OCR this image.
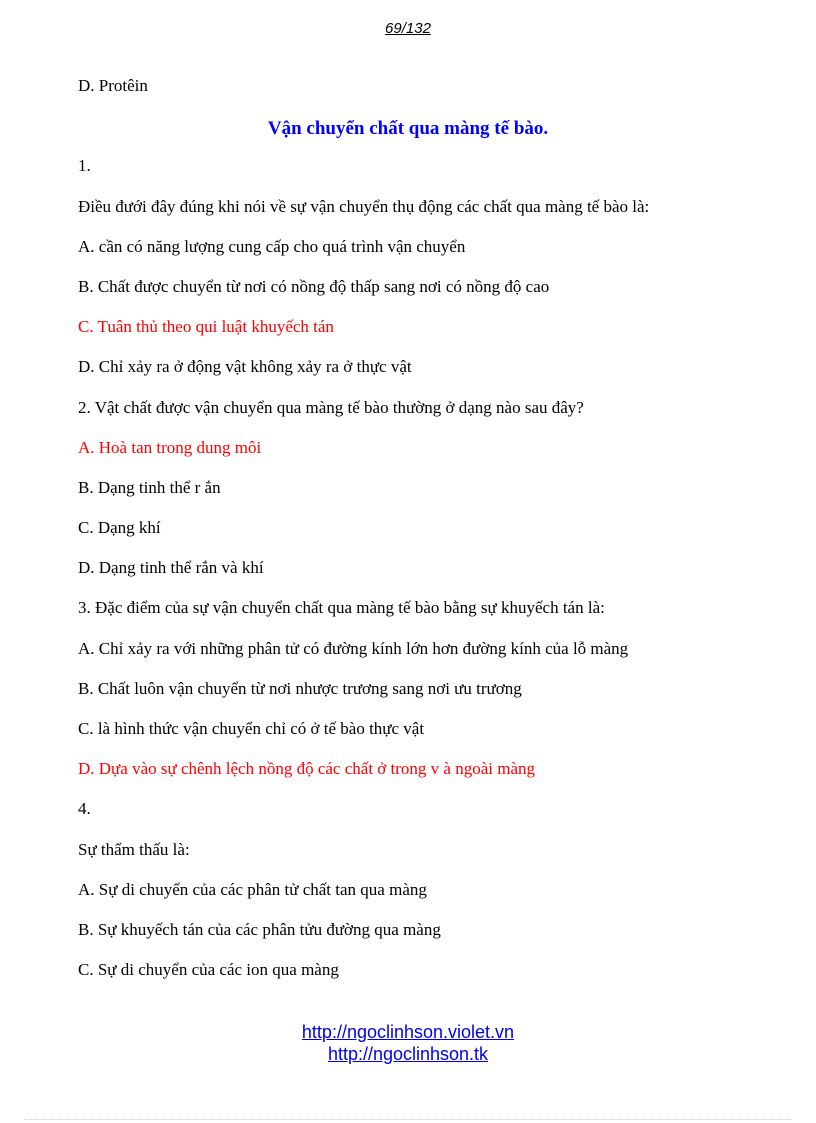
69/132
D. Protêin
Vận chuyển chất qua màng tế bào.
1.
Điều đưới đây đúng khi nói về sự vận chuyển thụ động các chất qua màng tế bào là:
A. cần có năng lượng cung cấp cho quá trình vận chuyển
B. Chất được chuyển từ nơi có nồng độ thấp sang nơi có nồng độ cao
C. Tuân thủ theo qui luật khuyếch tán
D. Chỉ xảy ra ở động vật không xảy ra ở thực vật
2. Vật chất được vận chuyển qua màng tế bào thường ở dạng nào sau đây?
A. Hoà tan trong dung môi
B. Dạng tinh thể r ắn
C. Dạng khí
D. Dạng tinh thể rắn và khí
3. Đặc điểm của sự vận chuyển chất qua màng tế bào bằng sự khuyếch tán là:
A. Chỉ xảy ra với những phân tử có đường kính lớn hơn đường kính của lỗ màng
B. Chất luôn vận chuyển từ nơi nhược trương sang nơi ưu trương
C. là hình thức vận chuyển chỉ có ở tế bào thực vật
D. Dựa vào sự chênh lệch nồng độ các chất ở trong v à ngoài màng
4.
Sự thẩm thấu là:
A. Sự di chuyển của các phân tử chất tan qua màng
B. Sự khuyếch tán của các phân tửu đường qua màng
C. Sự di chuyển của các ion qua màng
http://ngoclinhson.violet.vn
http://ngoclinhson.tk
